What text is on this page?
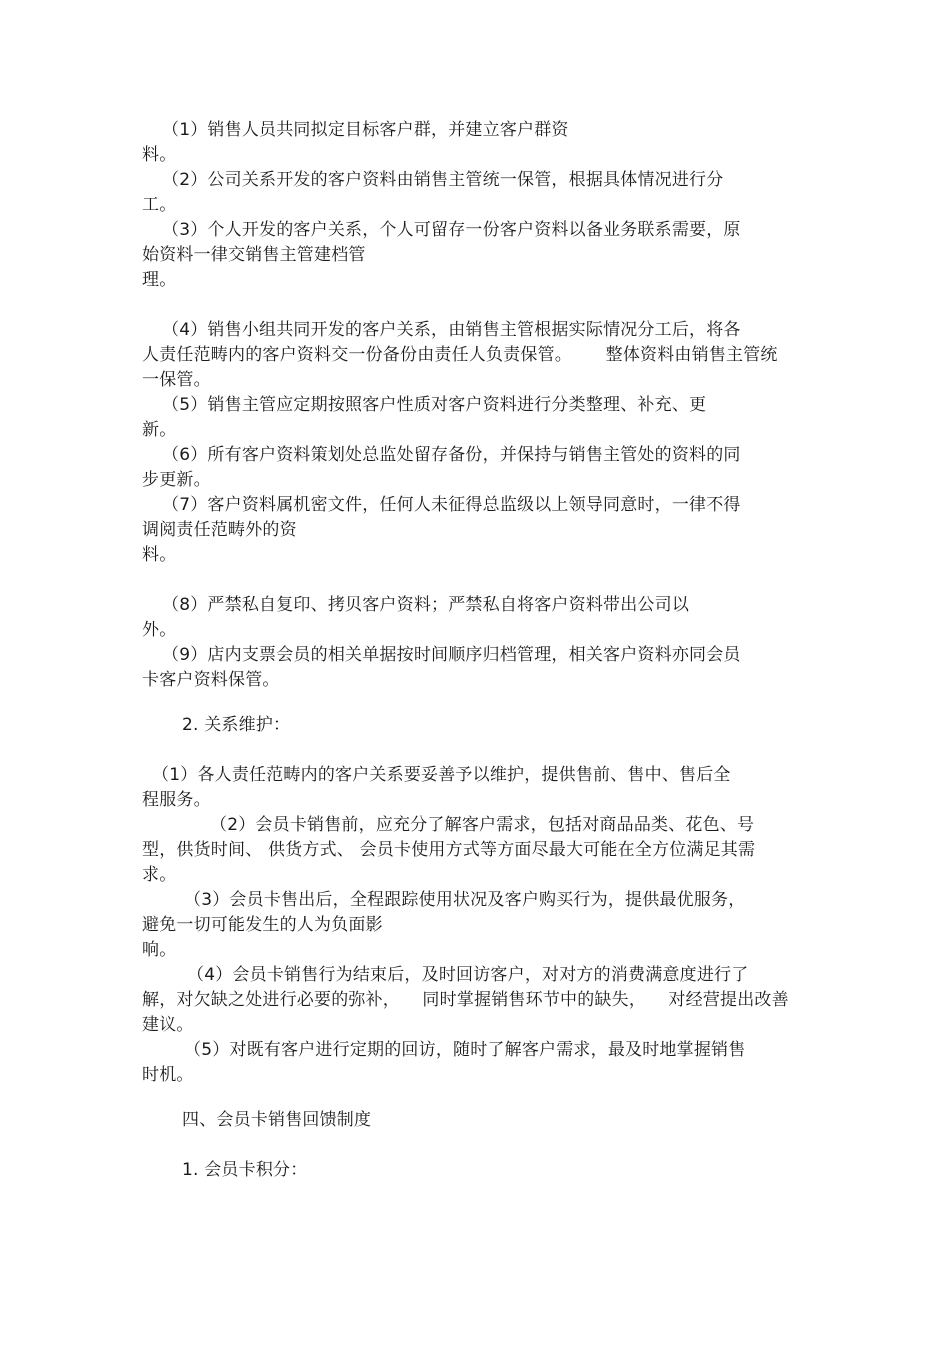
（1）销售人员共同拟定目标客户群，并建立客户群资
料。
（2）公司关系开发的客户资料由销售主管统一保管，根据具体情况进行分
工。
（3）个人开发的客户关系，个人可留存一份客户资料以备业务联系需要，原
始资料一律交销售主管建档管
理。
（4）销售小组共同开发的客户关系，由销售主管根据实际情况分工后，将各
人责任范畴内的客户资料交一份备份由责任人负责保管。      整体资料由销售主管统
一保管。
（5）销售主管应定期按照客户性质对客户资料进行分类整理、补充、更
新。
（6）所有客户资料策划处总监处留存备份，并保持与销售主管处的资料的同
步更新。
（7）客户资料属机密文件，任何人未征得总监级以上领导同意时，一律不得
调阅责任范畴外的资
料。
（8）严禁私自复印、拷贝客户资料；严禁私自将客户资料带出公司以
外。
（9）店内支票会员的相关单据按时间顺序归档管理，相关客户资料亦同会员
卡客户资料保管。
2. 关系维护：
（1）各人责任范畴内的客户关系要妥善予以维护，提供售前、售中、售后全
程服务。
（2）会员卡销售前，应充分了解客户需求，包括对商品品类、花色、号
型，供货时间、 供货方式、 会员卡使用方式等方面尽最大可能在全方位满足其需
求。
（3）会员卡售出后，全程跟踪使用状况及客户购买行为，提供最优服务，
避免一切可能发生的人为负面影
响。
（4）会员卡销售行为结束后，及时回访客户，对对方的消费满意度进行了
解，对欠缺之处进行必要的弥补，    同时掌握销售环节中的缺失，    对经营提出改善
建议。
（5）对既有客户进行定期的回访，随时了解客户需求，最及时地掌握销售
时机。
四、会员卡销售回馈制度
1. 会员卡积分：
